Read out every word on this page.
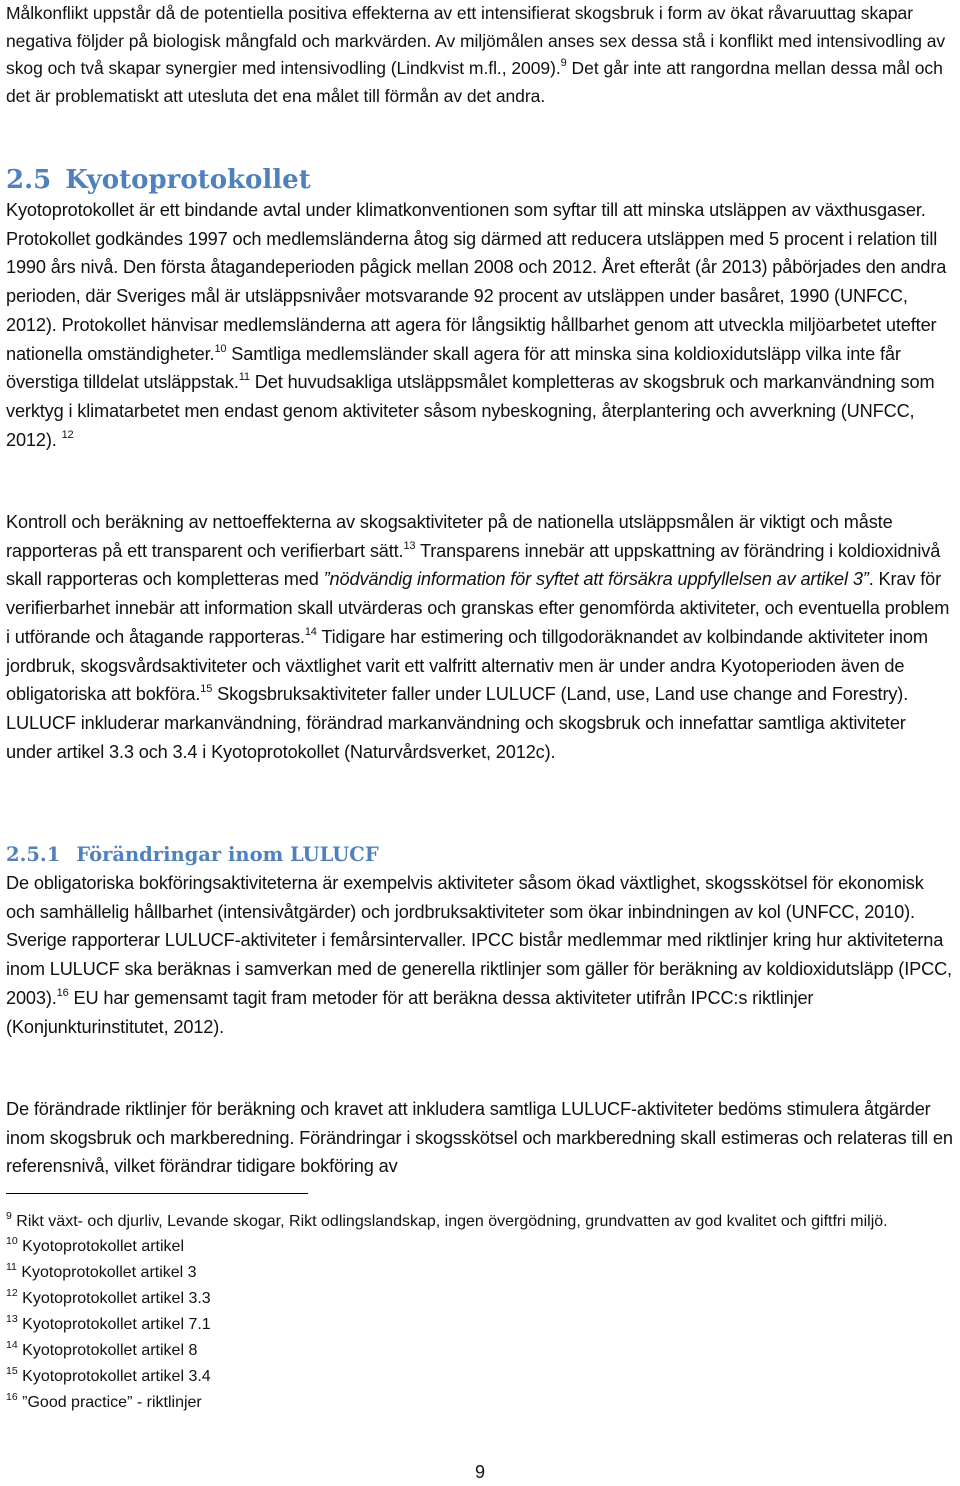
Målkonflikt uppstår då de potentiella positiva effekterna av ett intensifierat skogsbruk i form av ökat råvaruuttag skapar negativa följder på biologisk mångfald och markvärden. Av miljömålen anses sex dessa stå i konflikt med intensivodling av skog och två skapar synergier med intensivodling (Lindkvist m.fl., 2009).$^9$ Det går inte att rangordna mellan dessa mål och det är problematiskt att utesluta det ena målet till förmån av det andra.

2.5 Kyotoprotokollet

Kyotoprotokollet är ett bindande avtal under klimatkonventionen som syftar till att minska utsläppen av växthusgaser. Protokollet godkändes 1997 och medlemsländerna åtog sig därmed att reducera utsläppen med 5 procent i relation till 1990 års nivå. Den första åtagandeperioden pågick mellan 2008 och 2012. Året efteråt (år 2013) påbörjades den andra perioden, där Sveriges mål är utsläppsnivåer motsvarande 92 procent av utsläppen under basåret, 1990 (UNFCC, 2012). Protokollet hänvisar medlemsländerna att agera för långsiktig hållbarhet genom att utveckla miljöarbetet utefter nationella omständigheter.$^{10}$ Samtliga medlemsländer skall agera för att minska sina koldioxidutsläpp vilka inte får överstiga tilldelat utsläppstak.$^{11}$ Det huvudsakliga utsläppsmålet kompletteras av skogsbruk och markanvändning som verktyg i klimatarbetet men endast genom aktiviteter såsom nybeskogning, återplantering och avverkning (UNFCC, 2012). $^{12}$

Kontroll och beräkning av nettoeffekterna av skogsaktiviteter på de nationella utsläppsmålen är viktigt och måste rapporteras på ett transparent och verifierbart sätt.$^{13}$ Transparens innebär att uppskattning av förändring i koldioxidnivå skall rapporteras och kompletteras med ”nödvändig information för syftet att försäkra uppfyllelsen av artikel 3”. Krav för verifierbarhet innebär att information skall utvärderas och granskas efter genomförda aktiviteter, och eventuella problem i utförande och åtagande rapporteras.$^{14}$ Tidigare har estimering och tillgodoräknandet av kolbindande aktiviteter inom jordbruk, skogsvårdsaktiviteter och växtlighet varit ett valfritt alternativ men är under andra Kyotoperioden även de obligatoriska att bokföra.$^{15}$ Skogsbruksaktiviteter faller under LULUCF (Land, use, Land use change and Forestry). LULUCF inkluderar markanvändning, förändrad markanvändning och skogsbruk och innefattar samtliga aktiviteter under artikel 3.3 och 3.4 i Kyotoprotokollet (Naturvårdsverket, 2012c).

2.5.1 Förändringar inom LULUCF

De obligatoriska bokföringsaktiviteterna är exempelvis aktiviteter såsom ökad växtlighet, skogsskötsel för ekonomisk och samhällelig hållbarhet (intensivåtgärder) och jordbruksaktiviteter som ökar inbindningen av kol (UNFCC, 2010). Sverige rapporterar LULUCF-aktiviteter i femårsintervaller. IPCC bistår medlemmar med riktlinjer kring hur aktiviteterna inom LULUCF ska beräknas i samverkan med de generella riktlinjer som gäller för beräkning av koldioxidutsläpp (IPCC, 2003).$^{16}$ EU har gemensamt tagit fram metoder för att beräkna dessa aktiviteter utifrån IPCC:s riktlinjer (Konjunkturinstitutet, 2012).

De förändrade riktlinjer för beräkning och kravet att inkludera samtliga LULUCF-aktiviteter bedöms stimulera åtgärder inom skogsbruk och markberedning. Förändringar i skogsskötsel och markberedning skall estimeras och relateras till en referensnivå, vilket förändrar tidigare bokföring av

$^9$ Rikt växt- och djurliv, Levande skogar, Rikt odlingslandskap, ingen övergödning, grundvatten av god kvalitet och giftfri miljö.

$^{10}$ Kyotoprotokollet artikel

$^{11}$ Kyotoprotokollet artikel 3

$^{12}$ Kyotoprotokollet artikel 3.3

$^{13}$ Kyotoprotokollet artikel 7.1

$^{14}$ Kyotoprotokollet artikel 8

$^{15}$ Kyotoprotokollet artikel 3.4

$^{16}$ ”Good practice” - riktlinjer

9
